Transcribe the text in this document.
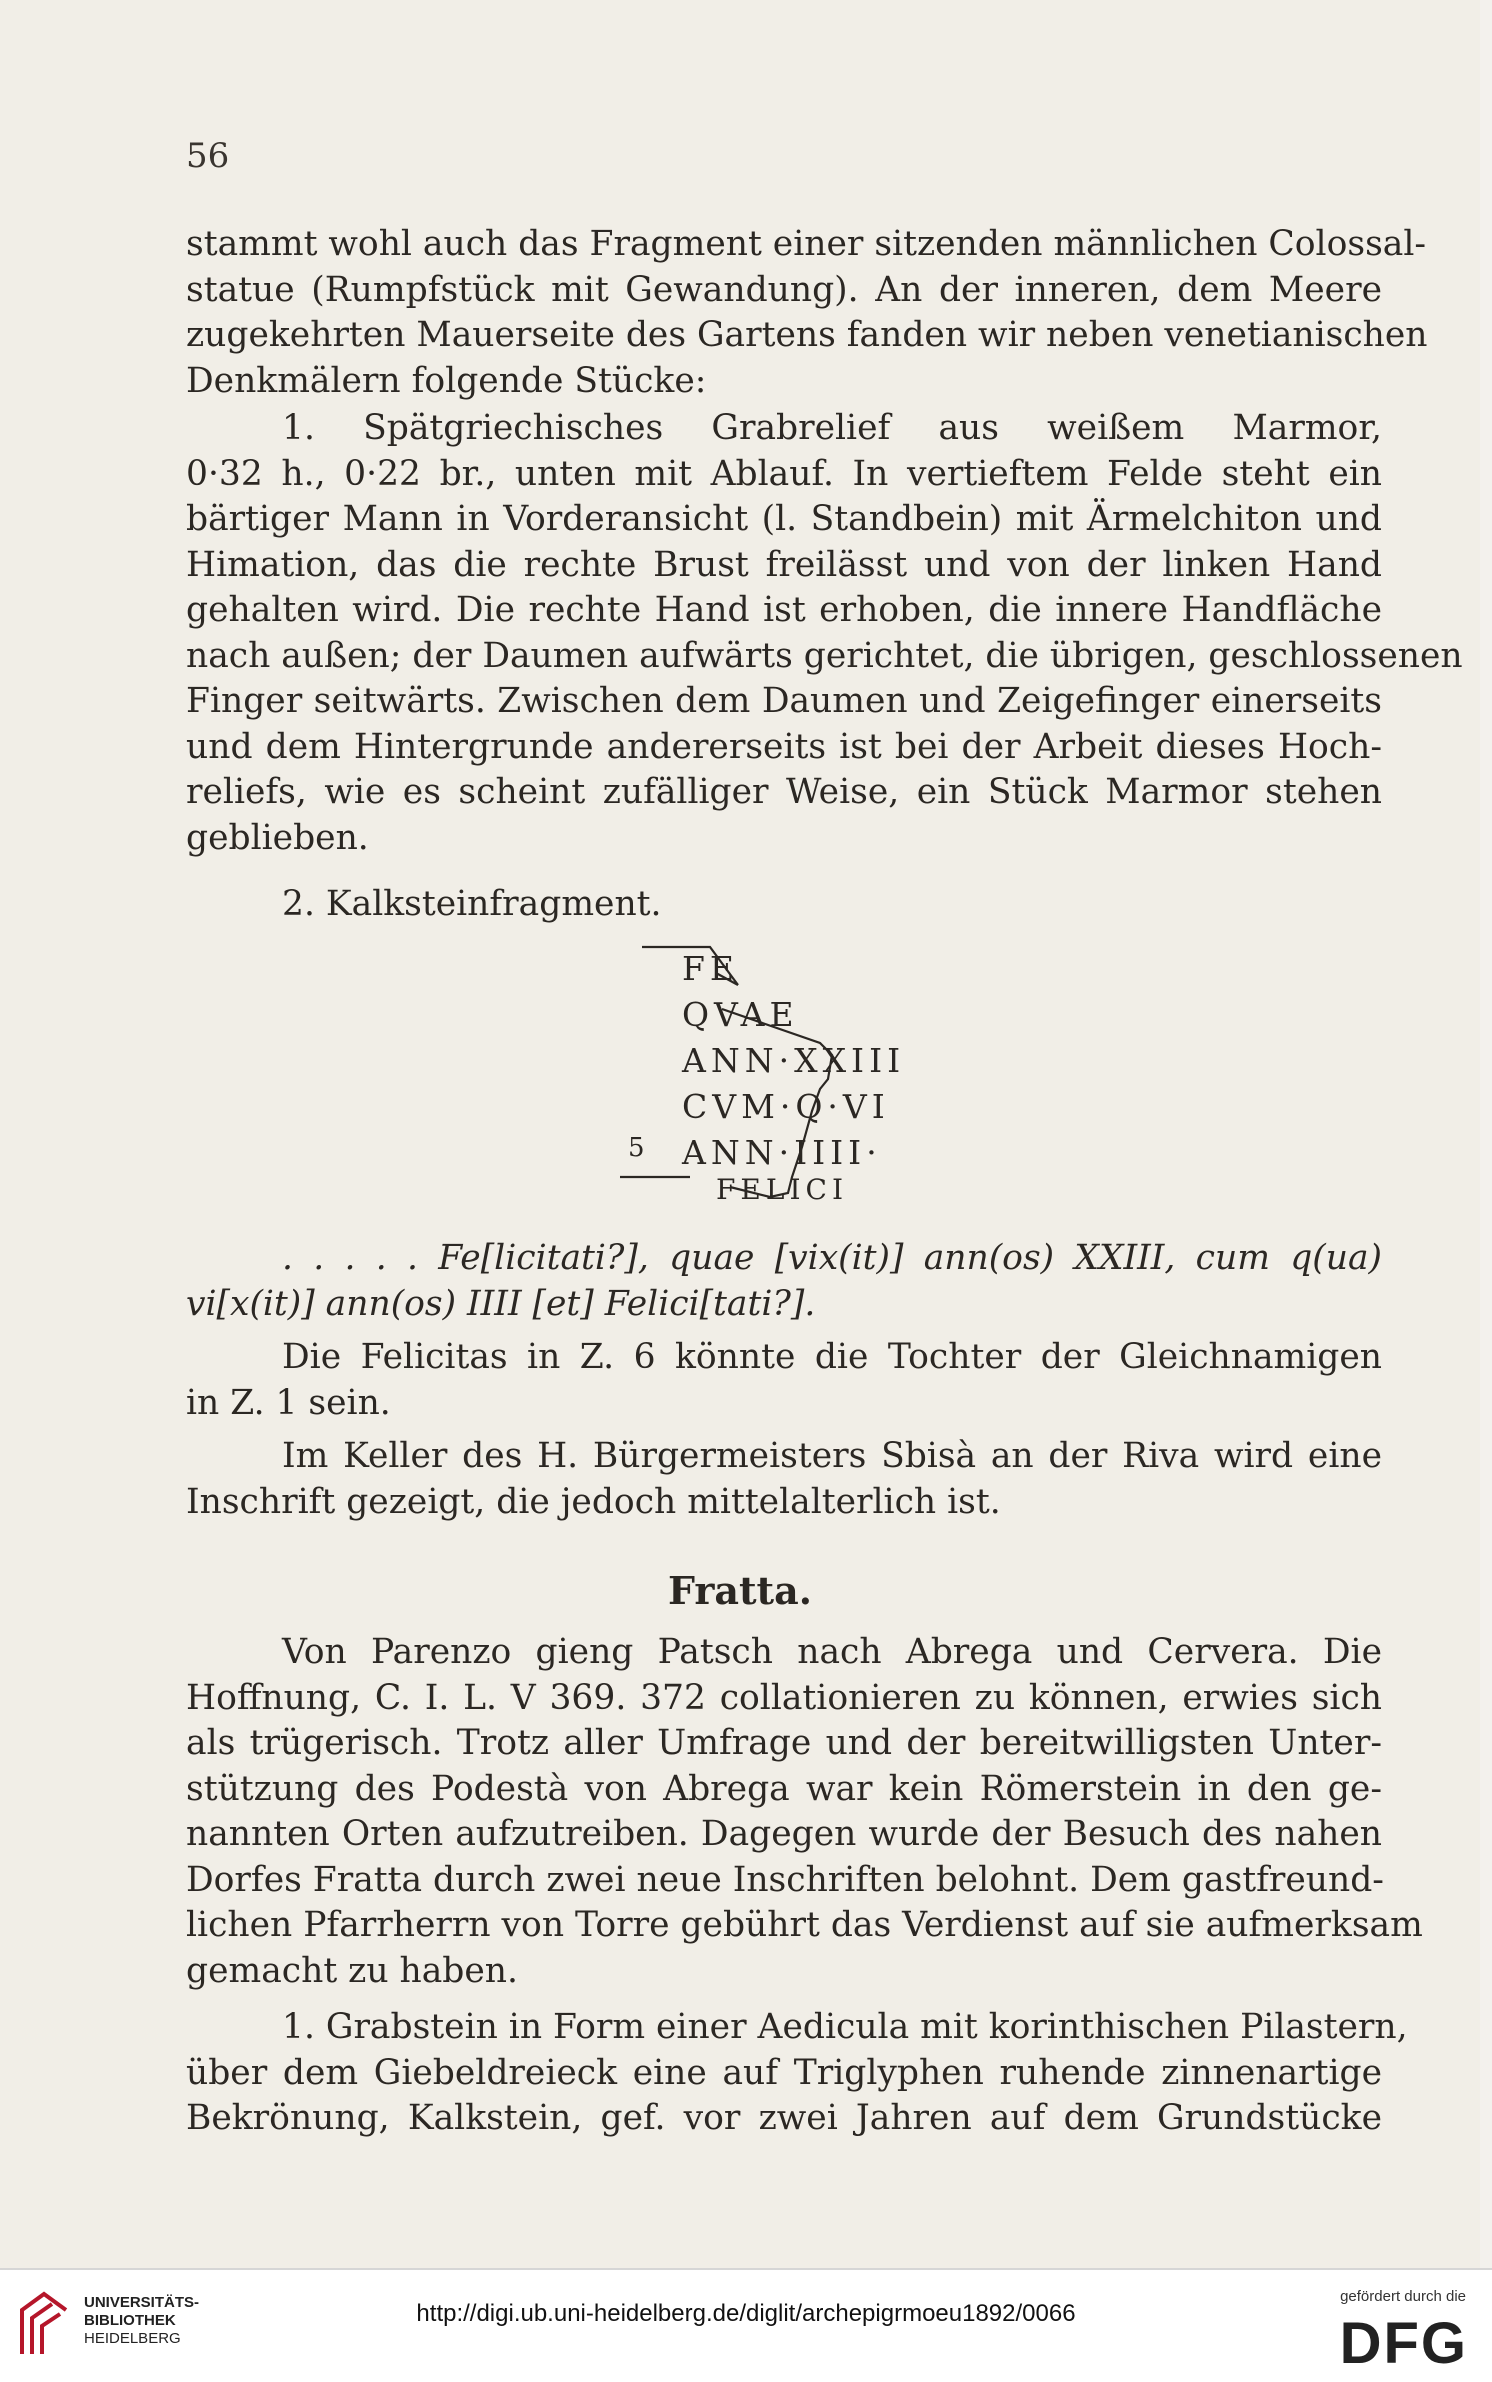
56
stammt wohl auch das Fragment einer sitzenden männlichen Colossal-
statue (Rumpfstück mit Gewandung). An der inneren, dem Meere
zugekehrten Mauerseite des Gartens fanden wir neben venetianischen
Denkmälern folgende Stücke:
1. Spätgriechisches Grabrelief aus weißem Marmor,
0·32 h., 0·22 br., unten mit Ablauf. In vertieftem Felde steht ein
bärtiger Mann in Vorderansicht (l. Standbein) mit Ärmelchiton und
Himation, das die rechte Brust freilässt und von der linken Hand
gehalten wird. Die rechte Hand ist erhoben, die innere Handfläche
nach außen; der Daumen aufwärts gerichtet, die übrigen, geschlossenen
Finger seitwärts. Zwischen dem Daumen und Zeigefinger einerseits
und dem Hintergrunde andererseits ist bei der Arbeit dieses Hoch-
reliefs, wie es scheint zufälliger Weise, ein Stück Marmor stehen
geblieben.
2. Kalksteinfragment.
FE
QVAE
ANN·XXIII
CVM·Q·VI
5 ANN·IIII·
FELICI
. . . . . Fe[licitati?], quae [vix(it)] ann(os) XXIII, cum q(ua)
vi[x(it)] ann(os) IIII [et] Felici[tati?].
Die Felicitas in Z. 6 könnte die Tochter der Gleichnamigen
in Z. 1 sein.
Im Keller des H. Bürgermeisters Sbisà an der Riva wird eine
Inschrift gezeigt, die jedoch mittelalterlich ist.
Fratta.
Von Parenzo gieng Patsch nach Abrega und Cervera. Die
Hoffnung, C. I. L. V 369. 372 collationieren zu können, erwies sich
als trügerisch. Trotz aller Umfrage und der bereitwilligsten Unter-
stützung des Podestà von Abrega war kein Römerstein in den ge-
nannten Orten aufzutreiben. Dagegen wurde der Besuch des nahen
Dorfes Fratta durch zwei neue Inschriften belohnt. Dem gastfreund-
lichen Pfarrherrn von Torre gebührt das Verdienst auf sie aufmerksam
gemacht zu haben.
1. Grabstein in Form einer Aedicula mit korinthischen Pilastern,
über dem Giebeldreieck eine auf Triglyphen ruhende zinnenartige
Bekrönung, Kalkstein, gef. vor zwei Jahren auf dem Grundstücke
UNIVERSITÄTS-
BIBLIOTHEK
HEIDELBERG
http://digi.ub.uni-heidelberg.de/diglit/archepigrmoeu1892/0066
gefördert durch die
DFG
